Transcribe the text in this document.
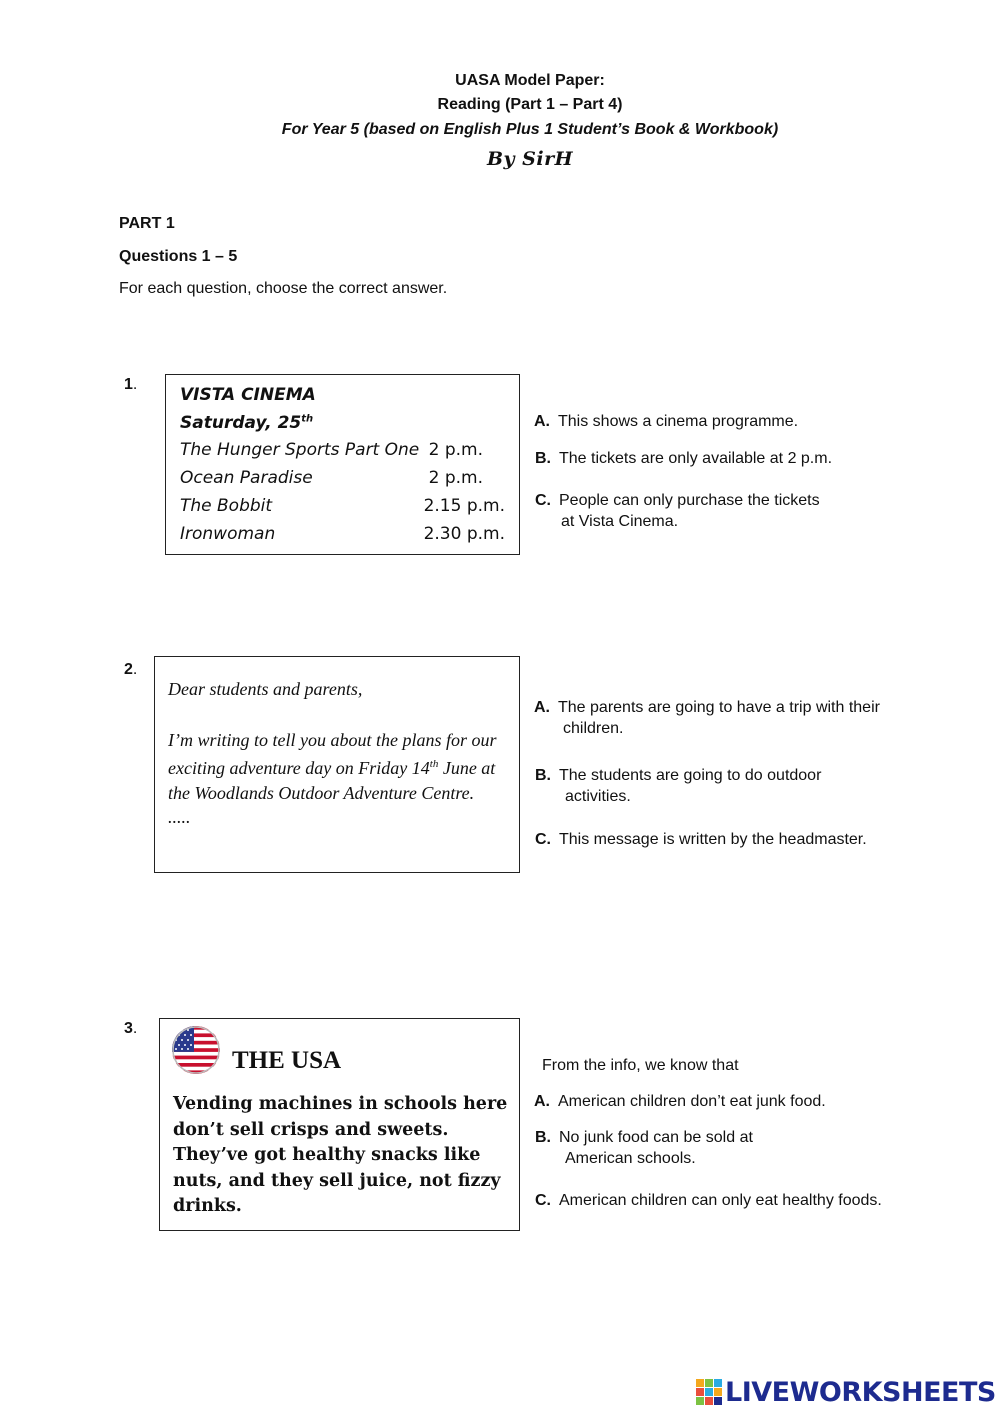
UASA Model Paper:
Reading (Part 1 – Part 4)
For Year 5 (based on English Plus 1 Student’s Book & Workbook)
By SirH
PART 1
Questions 1 – 5
For each question, choose the correct answer.
1.
VISTA CINEMA
Saturday, 25th
The Hunger Sports Part One 2 p.m.
Ocean Paradise	2 p.m.
The Bobbit	2.15 p.m.
Ironwoman	2.30 p.m.
A. This shows a cinema programme.
B. The tickets are only available at 2 p.m.
C. People can only purchase the tickets
at Vista Cinema.
2.

Dear students and parents,

I’m writing to tell you about the plans for our exciting adventure day on Friday 14th June at the Woodlands Outdoor Adventure Centre.

.....

A. The parents are going to have a trip with their
children.
B. The students are going to do outdoor
activities.
C. This message is written by the headmaster.
3.
THE USA
Vending machines in schools here don’t sell crisps and sweets. They’ve got healthy snacks like nuts, and they sell juice, not fizzy drinks.
From the info, we know that
A. American children don’t eat junk food.
B. No junk food can be sold at
American schools.
C. American children can only eat healthy foods.
LIVEWORKSHEETS
